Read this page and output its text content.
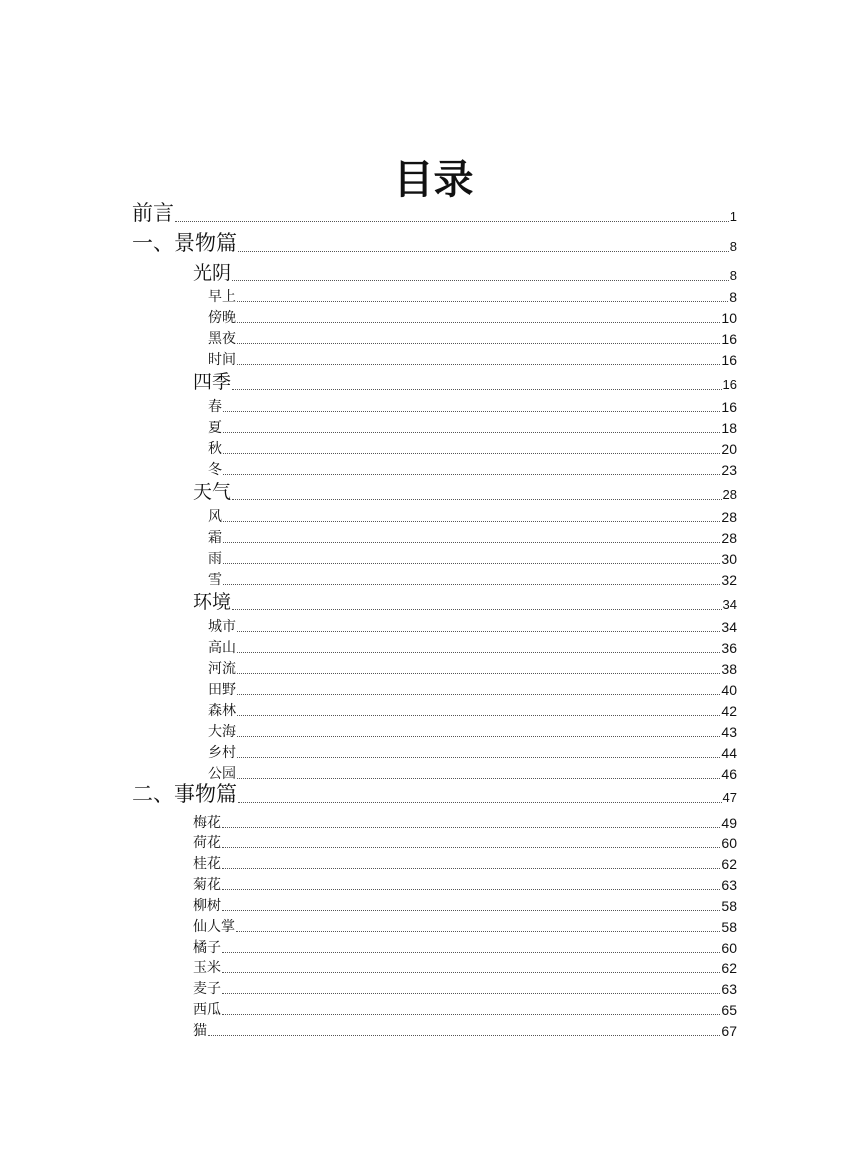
目录
前言	1
一、景物篇	8
光阴	8
早上	8
傍晚	10
黑夜	16
时间	16
四季	16
春	16
夏	18
秋	20
冬	23
天气	28
风	28
霜	28
雨	30
雪	32
环境	34
城市	34
高山	36
河流	38
田野	40
森林	42
大海	43
乡村	44
公园	46
二、事物篇	47
梅花	49
荷花	60
桂花	62
菊花	63
柳树	58
仙人掌	58
橘子	60
玉米	62
麦子	63
西瓜	65
猫	67
